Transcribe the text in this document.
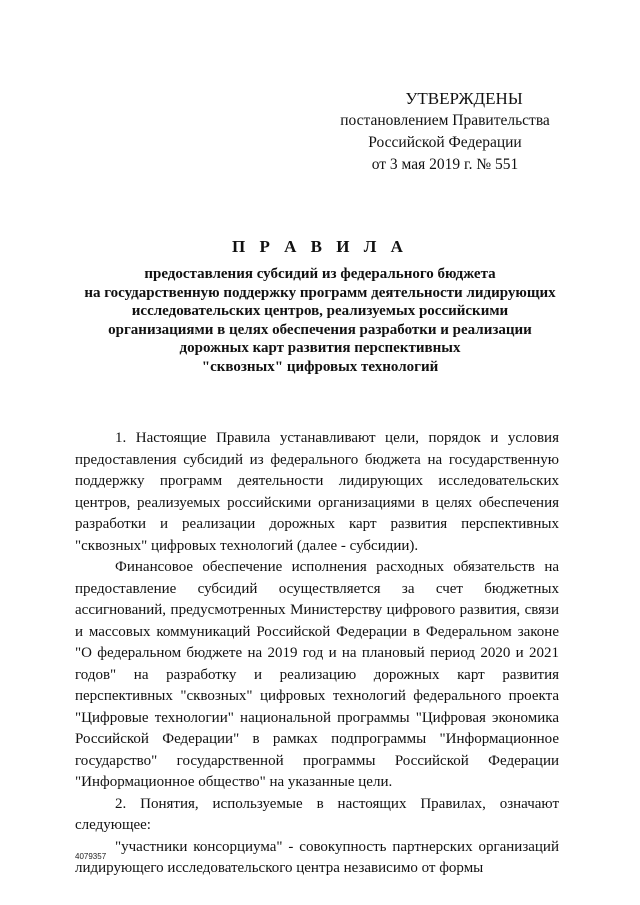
УТВЕРЖДЕНЫ
постановлением Правительства
Российской Федерации
от 3 мая 2019 г. № 551
П Р А В И Л А
предоставления субсидий из федерального бюджета
на государственную поддержку программ деятельности лидирующих
исследовательских центров, реализуемых российскими
организациями в целях обеспечения разработки и реализации
дорожных карт развития перспективных
"сквозных" цифровых технологий

1. Настоящие Правила устанавливают цели, порядок и условия предоставления субсидий из федерального бюджета на государственную поддержку программ деятельности лидирующих исследовательских центров, реализуемых российскими организациями в целях обеспечения разработки и реализации дорожных карт развития перспективных "сквозных" цифровых технологий (далее - субсидии).

Финансовое обеспечение исполнения расходных обязательств на предоставление субсидий осуществляется за счет бюджетных ассигнований, предусмотренных Министерству цифрового развития, связи и массовых коммуникаций Российской Федерации в Федеральном законе "О федеральном бюджете на 2019 год и на плановый период 2020 и 2021 годов" на разработку и реализацию дорожных карт развития перспективных "сквозных" цифровых технологий федерального проекта "Цифровые технологии" национальной программы "Цифровая экономика Российской Федерации" в рамках подпрограммы "Информационное государство" государственной программы Российской Федерации "Информационное общество" на указанные цели.

2. Понятия, используемые в настоящих Правилах, означают следующее:

"участники консорциума" - совокупность партнерских организаций лидирующего исследовательского центра независимо от формы

4079357
